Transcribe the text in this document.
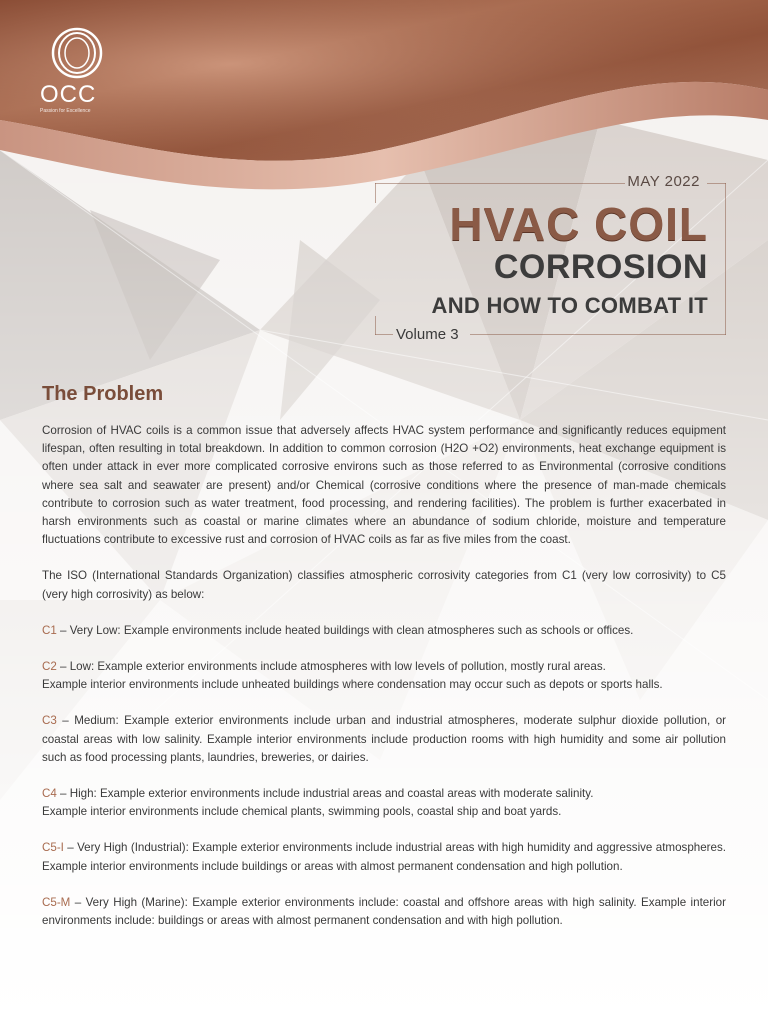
OCC
Passion for Excellence
MAY 2022
HVAC COIL
CORROSION
AND HOW TO COMBAT IT
Volume 3
The Problem

Corrosion of HVAC coils is a common issue that adversely affects HVAC system performance and significantly reduces equipment lifespan, often resulting in total breakdown. In addition to common corrosion (H2O +O2) environments, heat exchange equipment is often under attack in ever more complicated corrosive environs such as those referred to as Environmental (corrosive conditions where sea salt and seawater are present) and/or Chemical (corrosive conditions where the presence of man-made chemicals contribute to corrosion such as water treatment, food processing, and rendering facilities). The problem is further exacerbated in harsh environments such as coastal or marine climates where an abundance of sodium chloride, moisture and temperature fluctuations contribute to excessive rust and corrosion of HVAC coils as far as five miles from the coast.

The ISO (International Standards Organization) classifies atmospheric corrosivity categories from C1 (very low corrosivity) to C5 (very high corrosivity) as below:

C1 – Very Low: Example environments include heated buildings with clean atmospheres such as schools or offices.

C2 – Low: Example exterior environments include atmospheres with low levels of pollution, mostly rural areas.
Example interior environments include unheated buildings where condensation may occur such as depots or sports halls.

C3 – Medium: Example exterior environments include urban and industrial atmospheres, moderate sulphur dioxide pollution, or coastal areas with low salinity. Example interior environments include production rooms with high humidity and some air pollution such as food processing plants, laundries, breweries, or dairies.

C4 – High: Example exterior environments include industrial areas and coastal areas with moderate salinity.
Example interior environments include chemical plants, swimming pools, coastal ship and boat yards.

C5-I – Very High (Industrial): Example exterior environments include industrial areas with high humidity and aggressive atmospheres. Example interior environments include buildings or areas with almost permanent condensation and high pollution.

C5-M – Very High (Marine): Example exterior environments include: coastal and offshore areas with high salinity. Example interior environments include: buildings or areas with almost permanent condensation and with high pollution.
